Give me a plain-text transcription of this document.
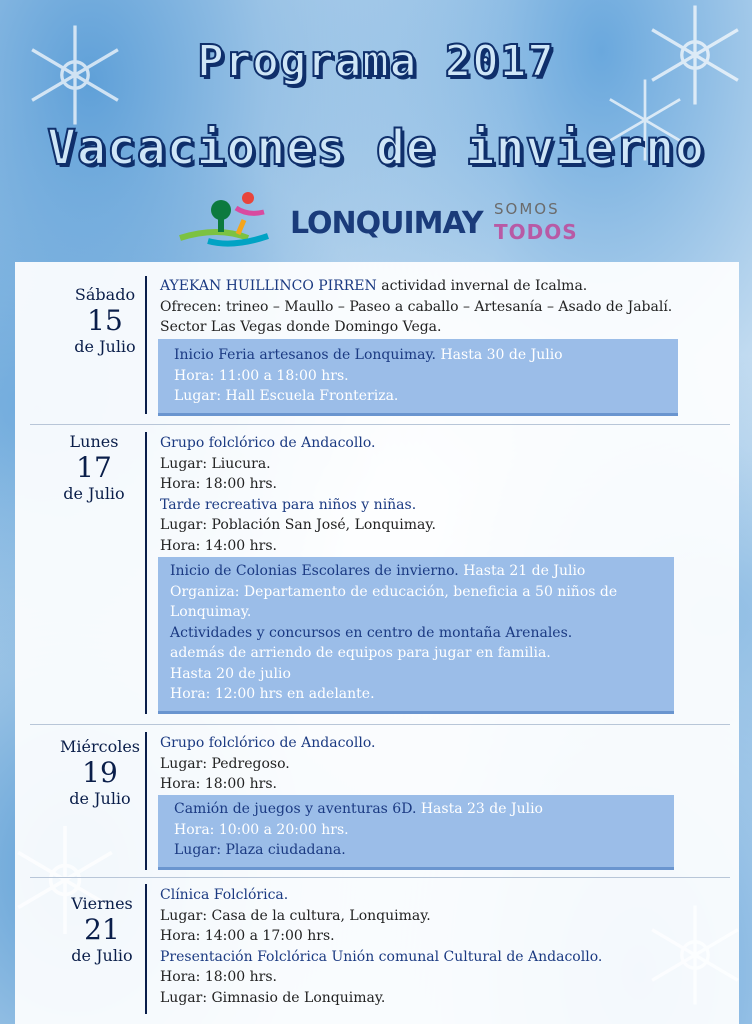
Programa 2017
Vacaciones de invierno
LONQUIMAY SOMOS
TODOS
Sábado
15
de Julio
Lunes
17
de Julio
Miércoles
19
de Julio
Viernes
21
de Julio
AYEKAN HUILLINCO PIRREN actividad invernal de Icalma.
Ofrecen: trineo – Maullo – Paseo a caballo – Artesanía – Asado de Jabalí.
Sector Las Vegas donde Domingo Vega.
Inicio Feria artesanos de Lonquimay. Hasta 30 de Julio
Hora: 11:00 a 18:00 hrs.
Lugar: Hall Escuela Fronteriza.
Grupo folclórico de Andacollo.
Lugar: Liucura.
Hora: 18:00 hrs.
Tarde recreativa para niños y niñas.
Lugar: Población San José, Lonquimay.
Hora: 14:00 hrs.
Inicio de Colonias Escolares de invierno. Hasta 21 de Julio
Organiza: Departamento de educación, beneficia a 50 niños de
Lonquimay.
Actividades y concursos en centro de montaña Arenales.
además de arriendo de equipos para jugar en familia.
Hasta 20 de julio
Hora: 12:00 hrs en adelante.
Grupo folclórico de Andacollo.
Lugar: Pedregoso.
Hora: 18:00 hrs.
Camión de juegos y aventuras 6D. Hasta 23 de Julio
Hora: 10:00 a 20:00 hrs.
Lugar: Plaza ciudadana.
Clínica Folclórica.
Lugar: Casa de la cultura, Lonquimay.
Hora: 14:00 a 17:00 hrs.
Presentación Folclórica Unión comunal Cultural de Andacollo.
Hora: 18:00 hrs.
Lugar: Gimnasio de Lonquimay.
